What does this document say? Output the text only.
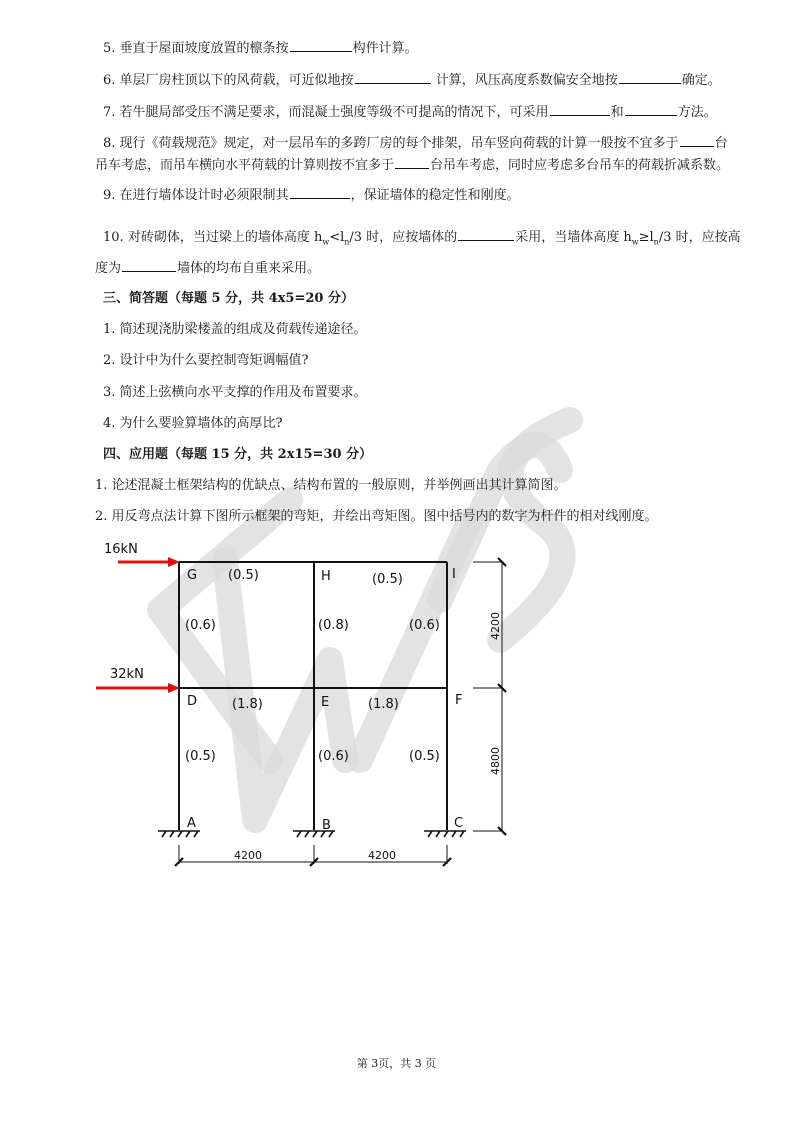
5. 垂直于屋面坡度放置的檩条按	构件计算。
6. 单层厂房柱顶以下的风荷载，可近似地按	计算，风压高度系数偏安全地按	确定。
7. 若牛腿局部受压不满足要求，而混凝土强度等级不可提高的情况下，可采用	和	方法。
8. 现行《荷载规范》规定，对一层吊车的多跨厂房的每个排架，吊车竖向荷载的计算一般按不宜多于	台
吊车考虑，而吊车横向水平荷载的计算则按不宜多于	台吊车考虑，同时应考虑多台吊车的荷载折减系数。
9. 在进行墙体设计时必须限制其	，保证墙体的稳定性和刚度。
10. 对砖砌体，当过梁上的墙体高度 $h_w<l_n/3$ 时，应按墙体的	采用，当墙体高度 $h_w\ge l_n/3$ 时，应按高
度为	墙体的均布自重来采用。
三、简答题（每题 5 分，共 4x5=20 分）
1. 简述现浇肋梁楼盖的组成及荷载传递途径。
2. 设计中为什么要控制弯矩调幅值?
3. 简述上弦横向水平支撑的作用及布置要求。
4. 为什么要验算墙体的高厚比?
四、应用题（每题 15 分，共 2x15=30 分）
1. 论述混凝土框架结构的优缺点、结构布置的一般原则，并举例画出其计算简图。
2. 用反弯点法计算下图所示框架的弯矩，并绘出弯矩图。图中括号内的数字为杆件的相对线刚度。
16kN
32kN
G	H	I
D	E	F
A	B	C
(0.5)	(0.5)
(0.6)	(0.8)	(0.6)
(1.8)	(1.8)
(0.5)	(0.6)	(0.5)
4200
4800
4200	4200
第 3页，共 3 页
